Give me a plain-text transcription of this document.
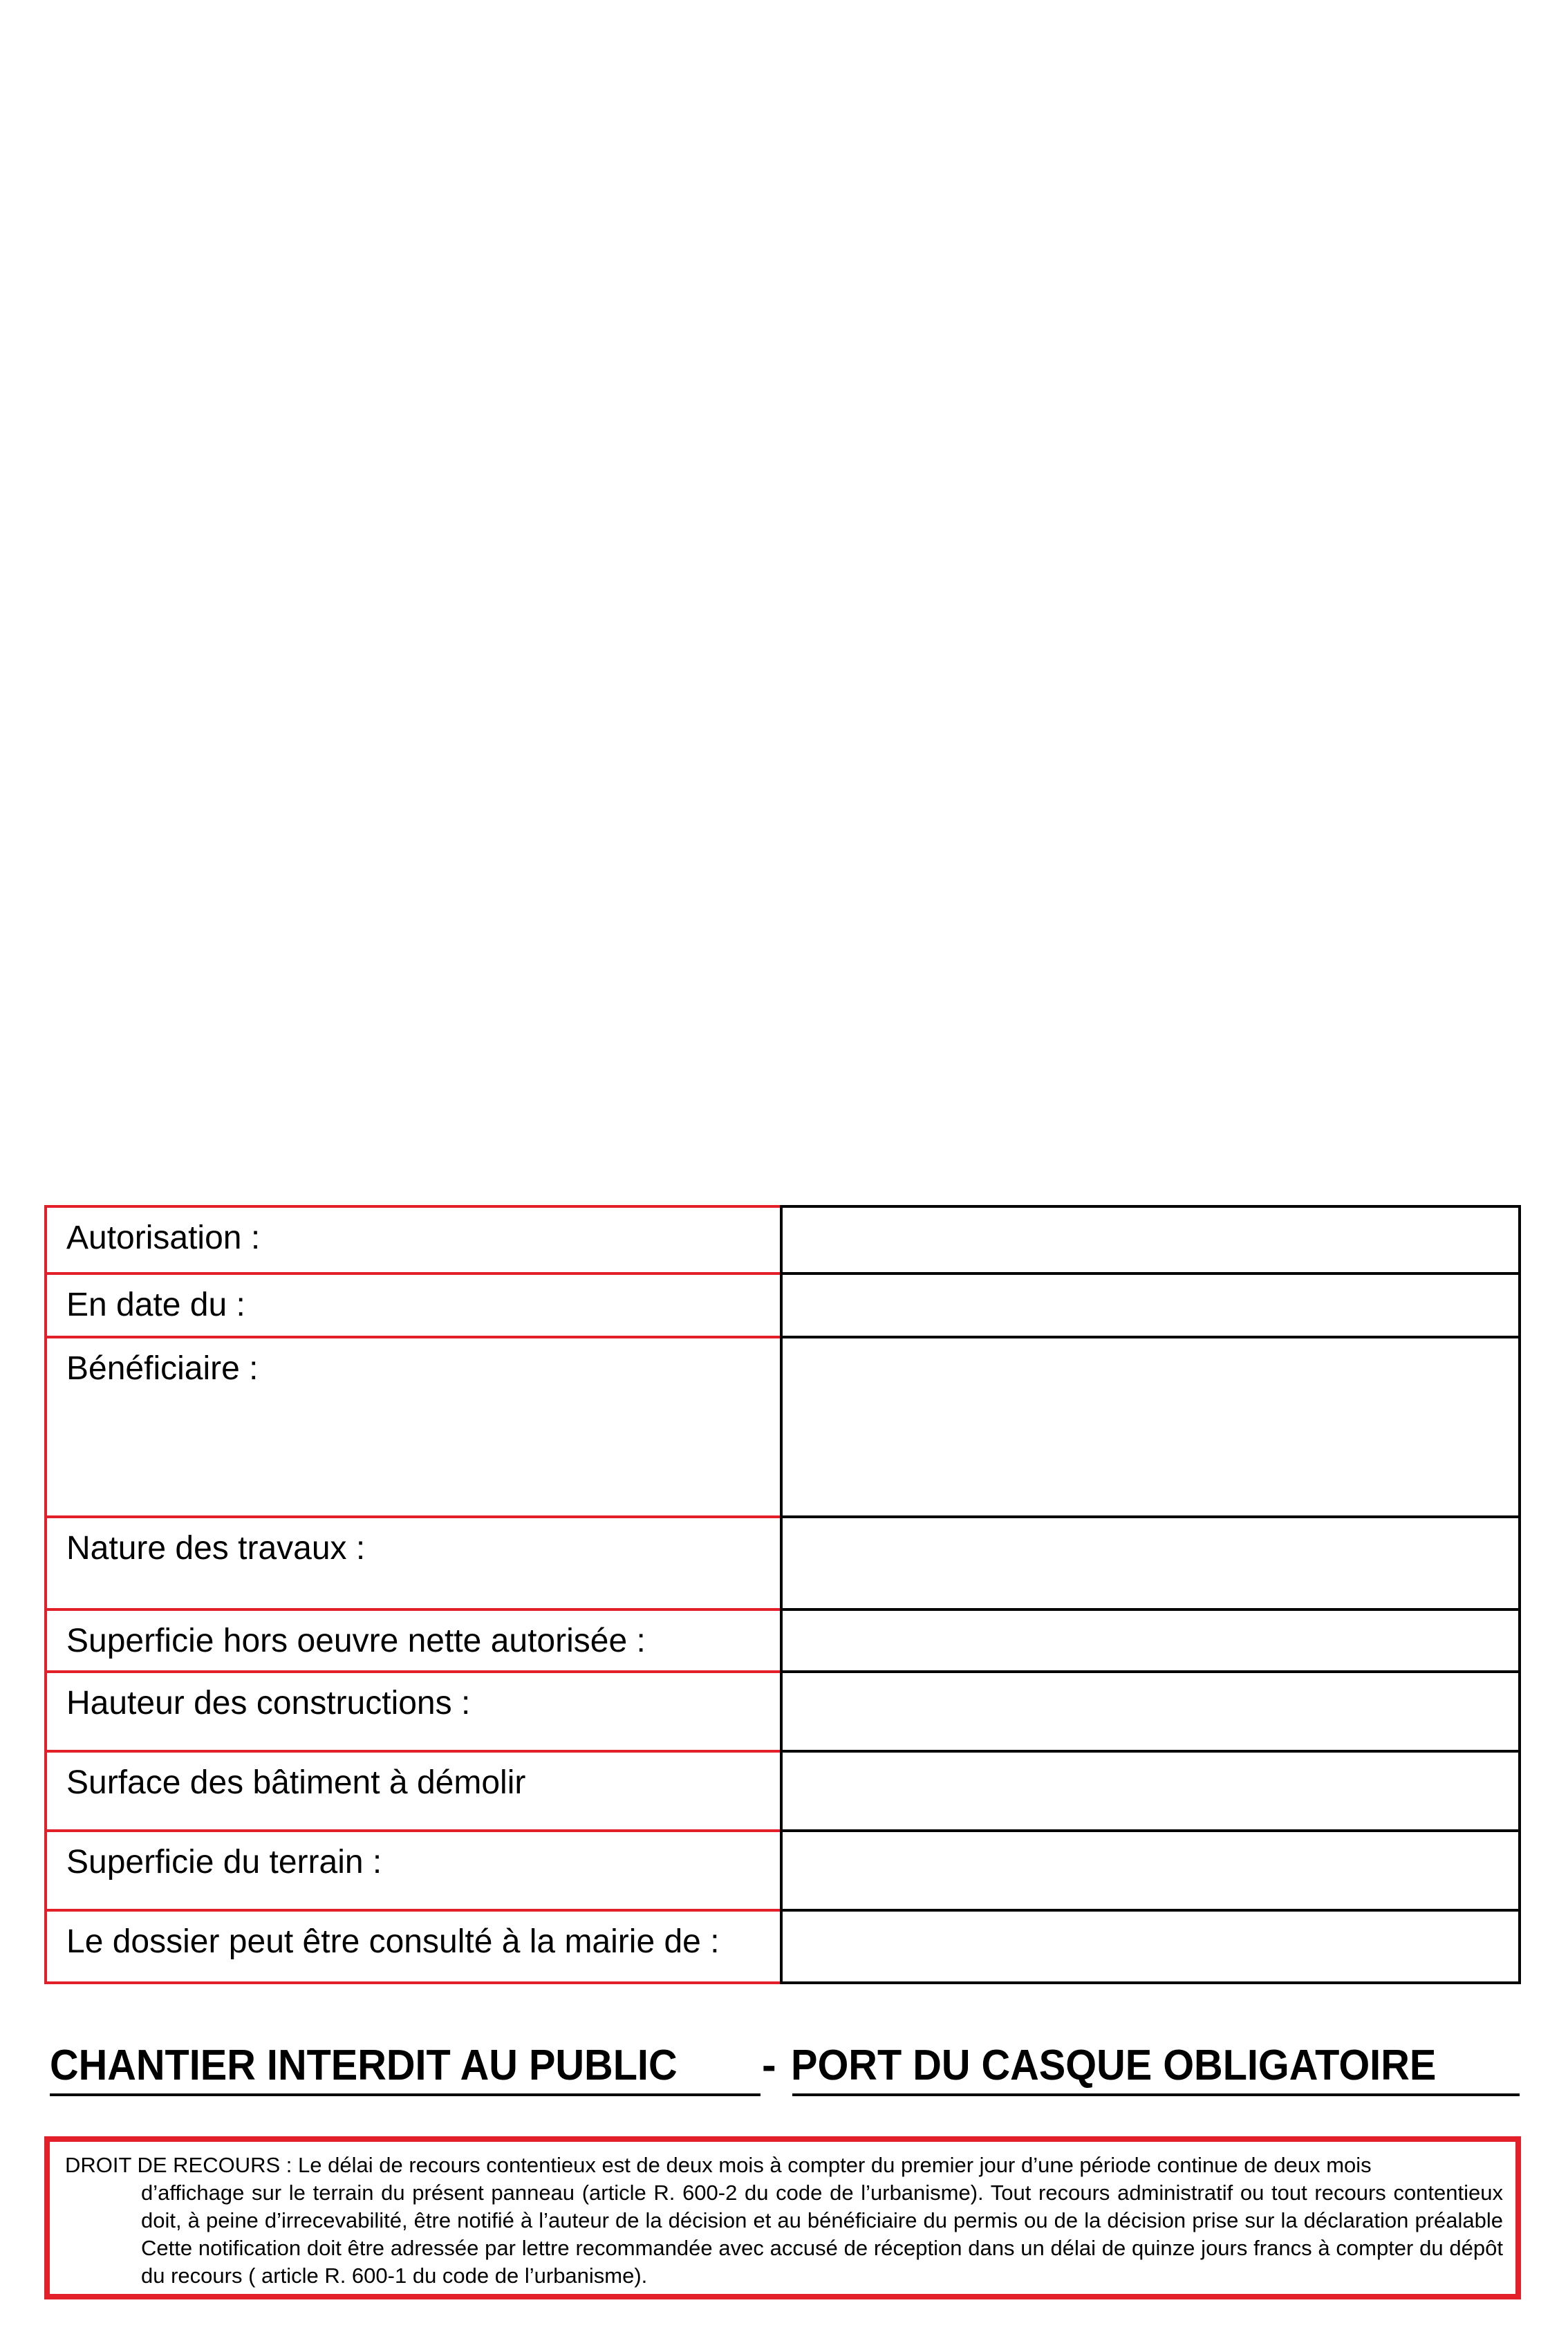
Autorisation :
En date du :
Bénéficiaire :
Nature des travaux :
Superficie hors oeuvre nette autorisée :
Hauteur des constructions :
Surface des bâtiment à démolir
Superficie du terrain :
Le dossier peut être consulté à la mairie de :
CHANTIER INTERDIT AU PUBLIC - PORT DU CASQUE OBLIGATOIRE
DROIT DE RECOURS : Le délai de recours contentieux est de deux mois à compter du premier jour d’une période continue de deux mois
d’affichage sur le terrain du présent panneau (article R. 600-2 du code de l’urbanisme). Tout recours administratif ou tout recours contentieux doit, à peine d’irrecevabilité, être notifié à l’auteur de la décision et au bénéficiaire du permis ou de la décision prise sur la déclaration préalable Cette notification doit être adressée par lettre recommandée avec accusé de réception dans un délai de quinze jours francs à compter du dépôt du recours ( article R. 600-1 du code de l’urbanisme).
